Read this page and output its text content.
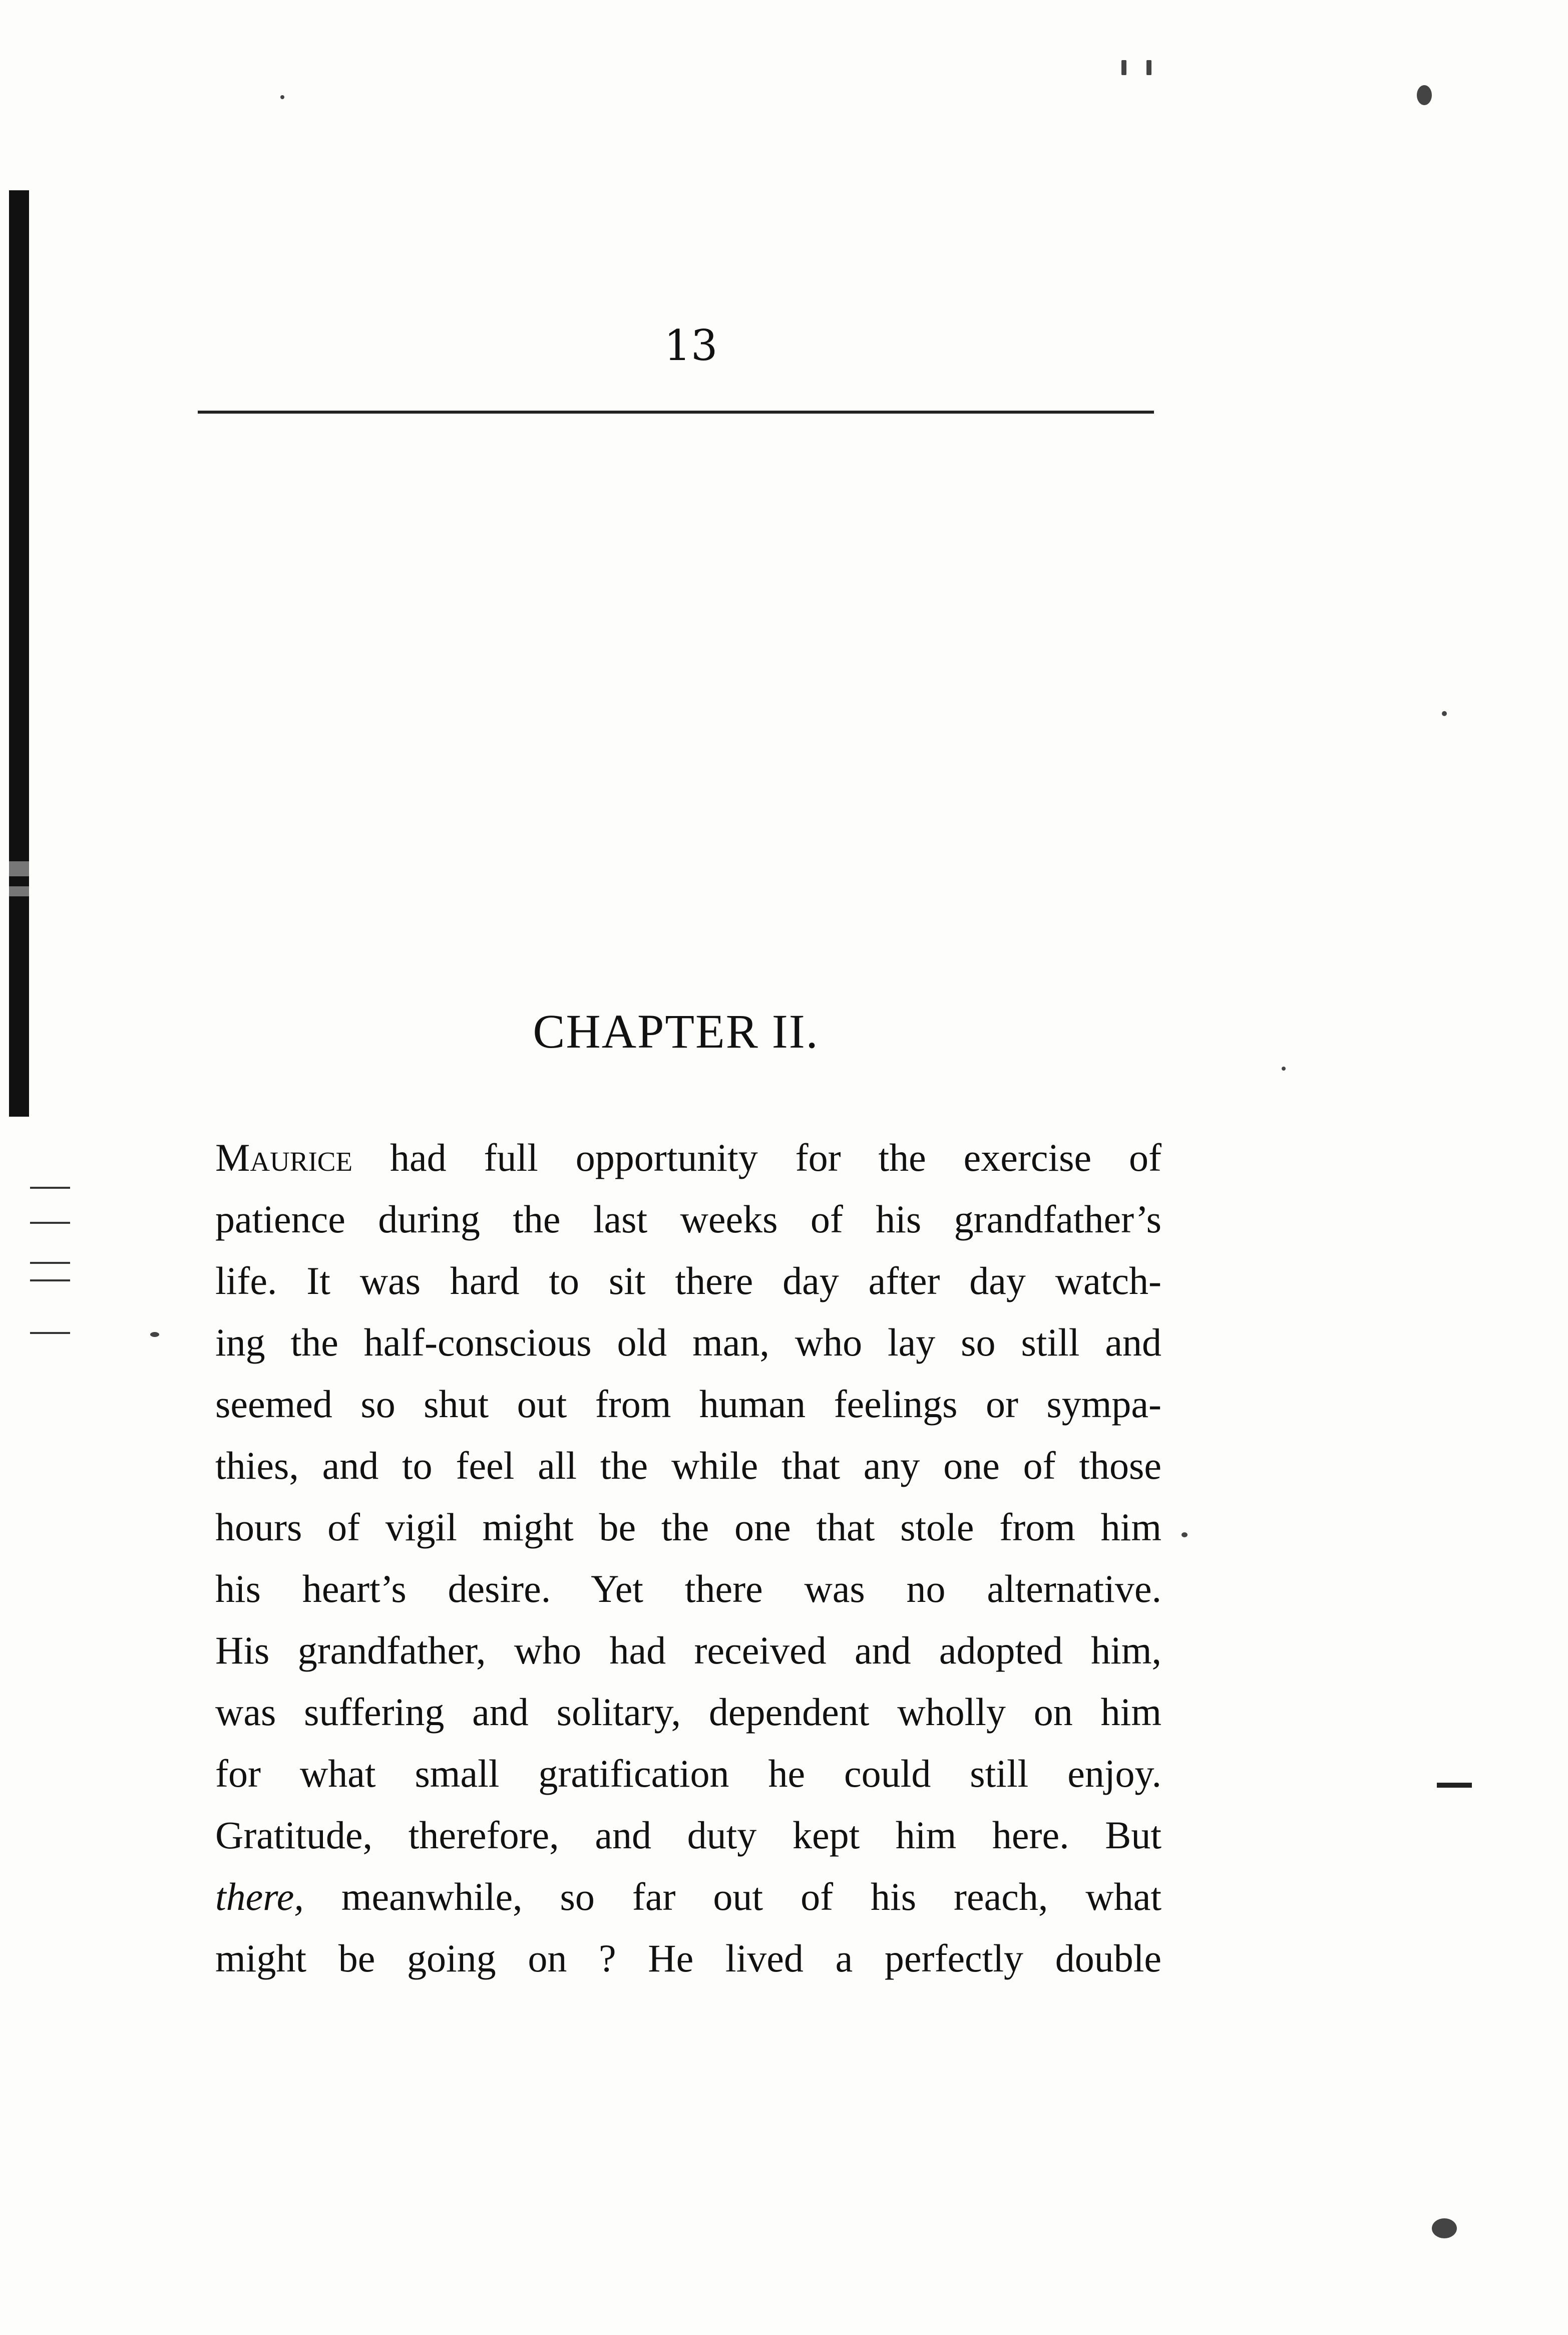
13
CHAPTER II.
Maurice had full opportunity for the exercise of
patience during the last weeks of his grandfather’s
life. It was hard to sit there day after day watch-
ing the half-conscious old man, who lay so still and
seemed so shut out from human feelings or sympa-
thies, and to feel all the while that any one of those
hours of vigil might be the one that stole from him
his heart’s desire. Yet there was no alternative.
His grandfather, who had received and adopted him,
was suffering and solitary, dependent wholly on him
for what small gratification he could still enjoy.
Gratitude, therefore, and duty kept him here. But
there, meanwhile, so far out of his reach, what
might be going on ? He lived a perfectly double
